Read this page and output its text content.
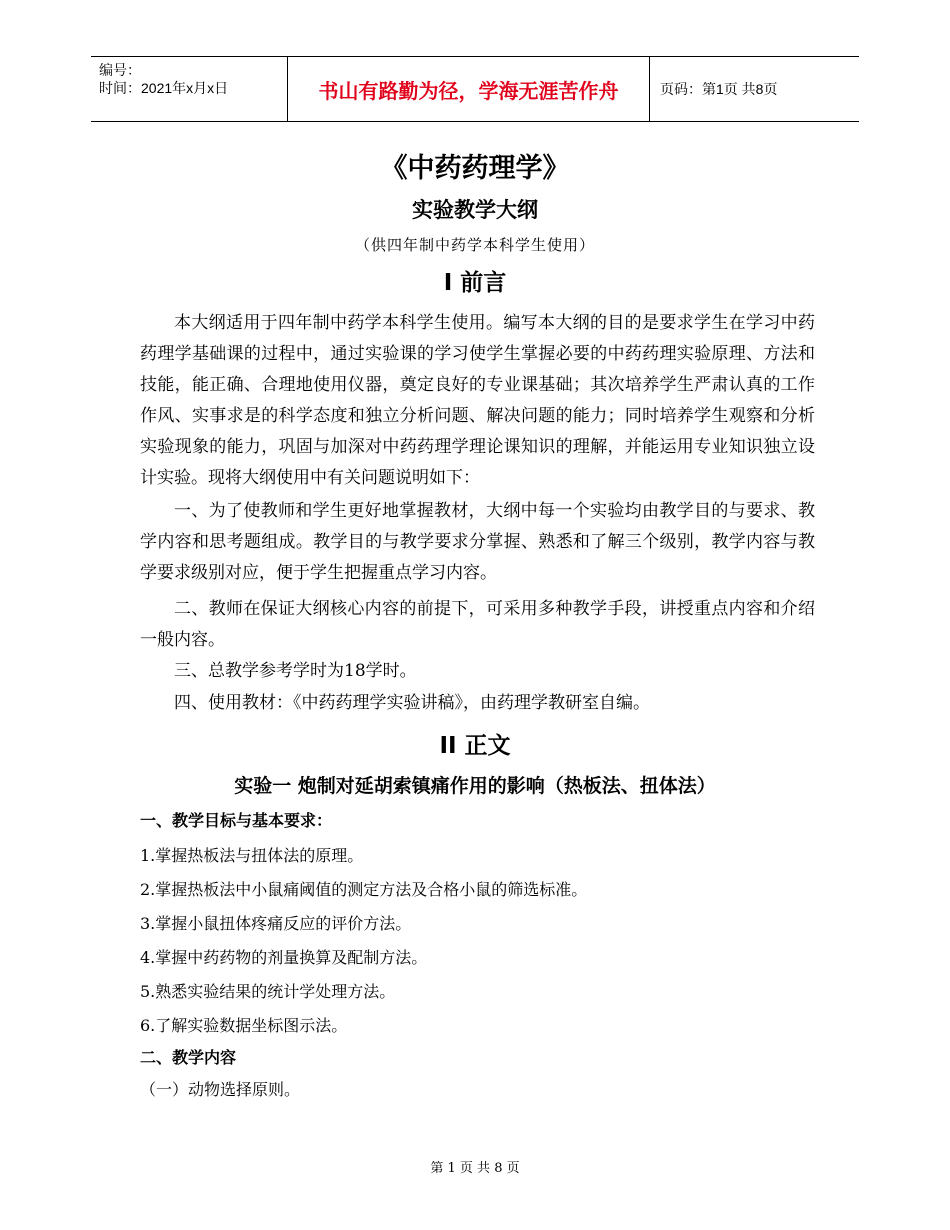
编号：
时间：2021年x月x日	书山有路勤为径，学海无涯苦作舟	页码：第1页 共8页
《中药药理学》
实验教学大纲
（供四年制中药学本科学生使用）
I 前言

本大纲适用于四年制中药学本科学生使用。编写本大纲的目的是要求学生在学习中药药理学基础课的过程中，通过实验课的学习使学生掌握必要的中药药理实验原理、方法和技能，能正确、合理地使用仪器，奠定良好的专业课基础；其次培养学生严肃认真的工作作风、实事求是的科学态度和独立分析问题、解决问题的能力；同时培养学生观察和分析实验现象的能力，巩固与加深对中药药理学理论课知识的理解，并能运用专业知识独立设计实验。现将大纲使用中有关问题说明如下：

一、为了使教师和学生更好地掌握教材，大纲中每一个实验均由教学目的与要求、教学内容和思考题组成。教学目的与教学要求分掌握、熟悉和了解三个级别，教学内容与教学要求级别对应，便于学生把握重点学习内容。

二、教师在保证大纲核心内容的前提下，可采用多种教学手段，讲授重点内容和介绍一般内容。

三、总教学参考学时为18学时。

四、使用教材：《中药药理学实验讲稿》，由药理学教研室自编。

II 正文
实验一 炮制对延胡索镇痛作用的影响（热板法、扭体法）
一、教学目标与基本要求：
1.掌握热板法与扭体法的原理。
2.掌握热板法中小鼠痛阈值的测定方法及合格小鼠的筛选标准。
3.掌握小鼠扭体疼痛反应的评价方法。
4.掌握中药药物的剂量换算及配制方法。
5.熟悉实验结果的统计学处理方法。
6.了解实验数据坐标图示法。
二、教学内容
（一）动物选择原则。
第 1 页 共 8 页
